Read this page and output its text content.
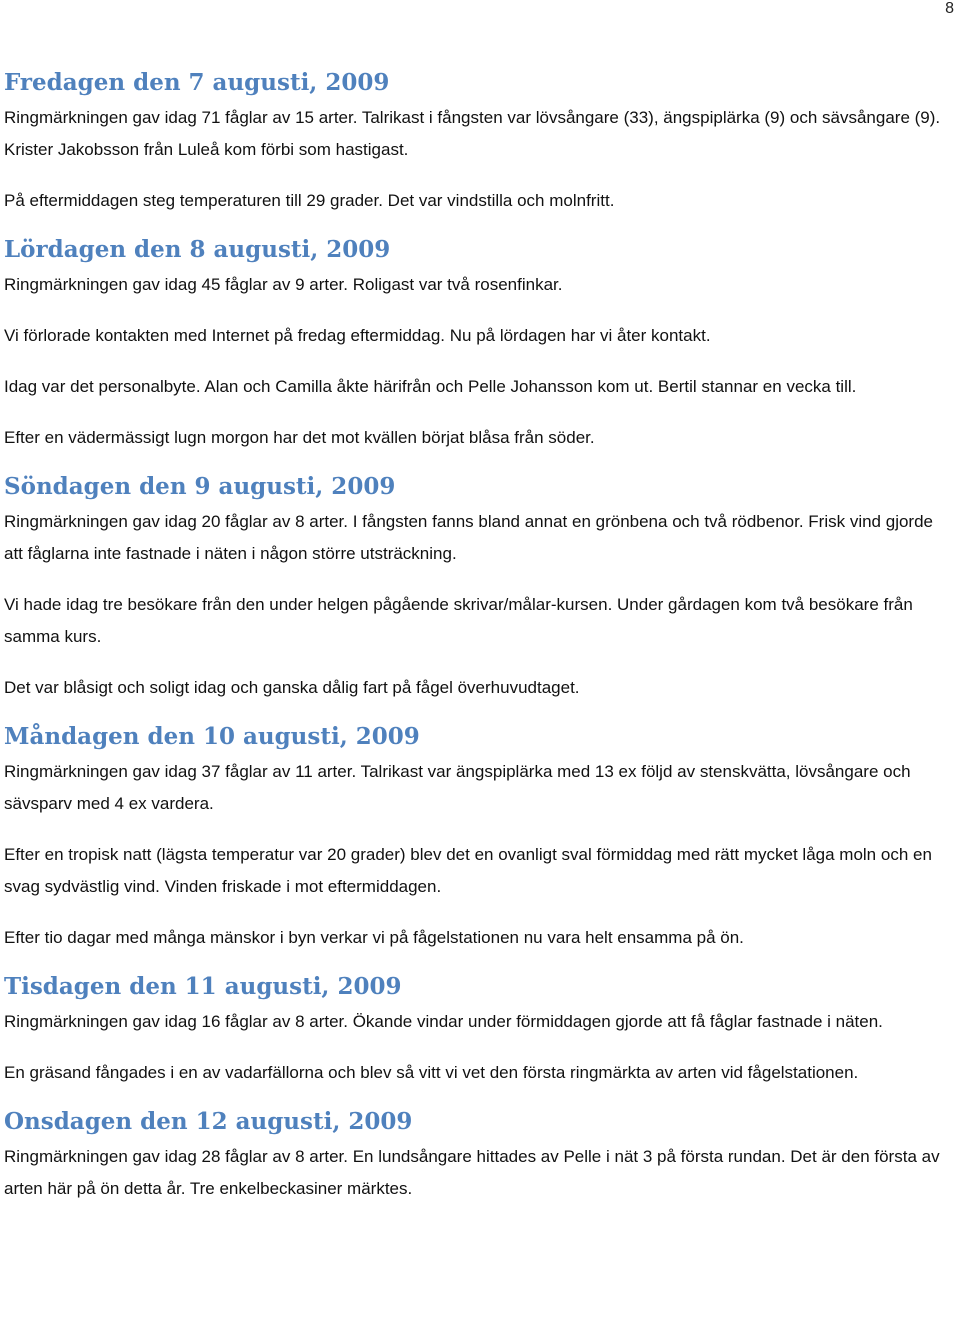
8
Fredagen den 7 augusti, 2009

Ringmärkningen gav idag 71 fåglar av 15 arter. Talrikast i fångsten var lövsångare (33), ängspiplärka (9) och sävsångare (9). Krister Jakobsson från Luleå kom förbi som hastigast.

På eftermiddagen steg temperaturen till 29 grader. Det var vindstilla och molnfritt.

Lördagen den 8 augusti, 2009

Ringmärkningen gav idag 45 fåglar av 9 arter. Roligast var två rosenfinkar.

Vi förlorade kontakten med Internet på fredag eftermiddag. Nu på lördagen har vi åter kontakt.

Idag var det personalbyte. Alan och Camilla åkte härifrån och Pelle Johansson kom ut. Bertil stannar en vecka till.

Efter en vädermässigt lugn morgon har det mot kvällen börjat blåsa från söder.

Söndagen den 9 augusti, 2009

Ringmärkningen gav idag 20 fåglar av 8 arter. I fångsten fanns bland annat en grönbena och två rödbenor. Frisk vind gjorde att fåglarna inte fastnade i näten i någon större utsträckning.

Vi hade idag tre besökare från den under helgen pågående skrivar/målar-kursen. Under gårdagen kom två besökare från samma kurs.

Det var blåsigt och soligt idag och ganska dålig fart på fågel överhuvudtaget.

Måndagen den 10 augusti, 2009

Ringmärkningen gav idag 37 fåglar av 11 arter. Talrikast var ängspiplärka med 13 ex följd av stenskvätta, lövsångare och sävsparv med 4 ex vardera.

Efter en tropisk natt (lägsta temperatur var 20 grader) blev det en ovanligt sval förmiddag med rätt mycket låga moln och en svag sydvästlig vind. Vinden friskade i mot eftermiddagen.

Efter tio dagar med många mänskor i byn verkar vi på fågelstationen nu vara helt ensamma på ön.

Tisdagen den 11 augusti, 2009

Ringmärkningen gav idag 16 fåglar av 8 arter. Ökande vindar under förmiddagen gjorde att få fåglar fastnade i näten.

En gräsand fångades i en av vadarfällorna och blev så vitt vi vet den första ringmärkta av arten vid fågelstationen.

Onsdagen den 12 augusti, 2009

Ringmärkningen gav idag 28 fåglar av 8 arter. En lundsångare hittades av Pelle i nät 3 på första rundan. Det är den första av arten här på ön detta år. Tre enkelbeckasiner märktes.
